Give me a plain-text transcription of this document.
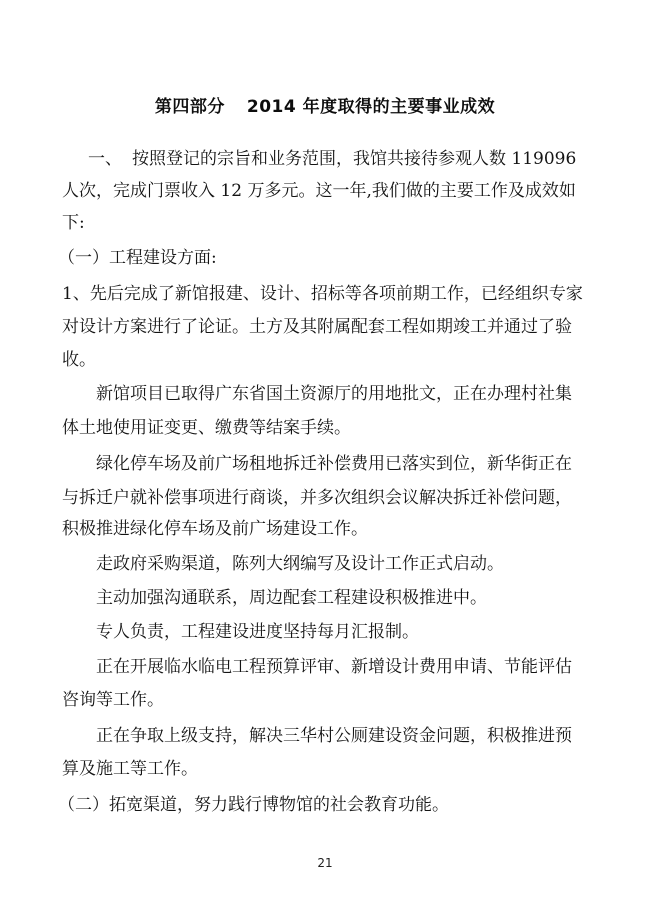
第四部分 2014 年度取得的主要事业成效
一、 按照登记的宗旨和业务范围，我馆共接待参观人数 119096
人次，完成门票收入 12 万多元。这一年,我们做的主要工作及成效如
下:
（一）工程建设方面:
1、先后完成了新馆报建、设计、招标等各项前期工作，已经组织专家
对设计方案进行了论证。土方及其附属配套工程如期竣工并通过了验
收。
新馆项目已取得广东省国土资源厅的用地批文，正在办理村社集
体土地使用证变更、缴费等结案手续。
绿化停车场及前广场租地拆迁补偿费用已落实到位，新华街正在
与拆迁户就补偿事项进行商谈，并多次组织会议解决拆迁补偿问题，
积极推进绿化停车场及前广场建设工作。
走政府采购渠道，陈列大纲编写及设计工作正式启动。
主动加强沟通联系，周边配套工程建设积极推进中。
专人负责，工程建设进度坚持每月汇报制。
正在开展临水临电工程预算评审、新增设计费用申请、节能评估
咨询等工作。
正在争取上级支持，解决三华村公厕建设资金问题，积极推进预
算及施工等工作。
（二）拓宽渠道，努力践行博物馆的社会教育功能。
21
